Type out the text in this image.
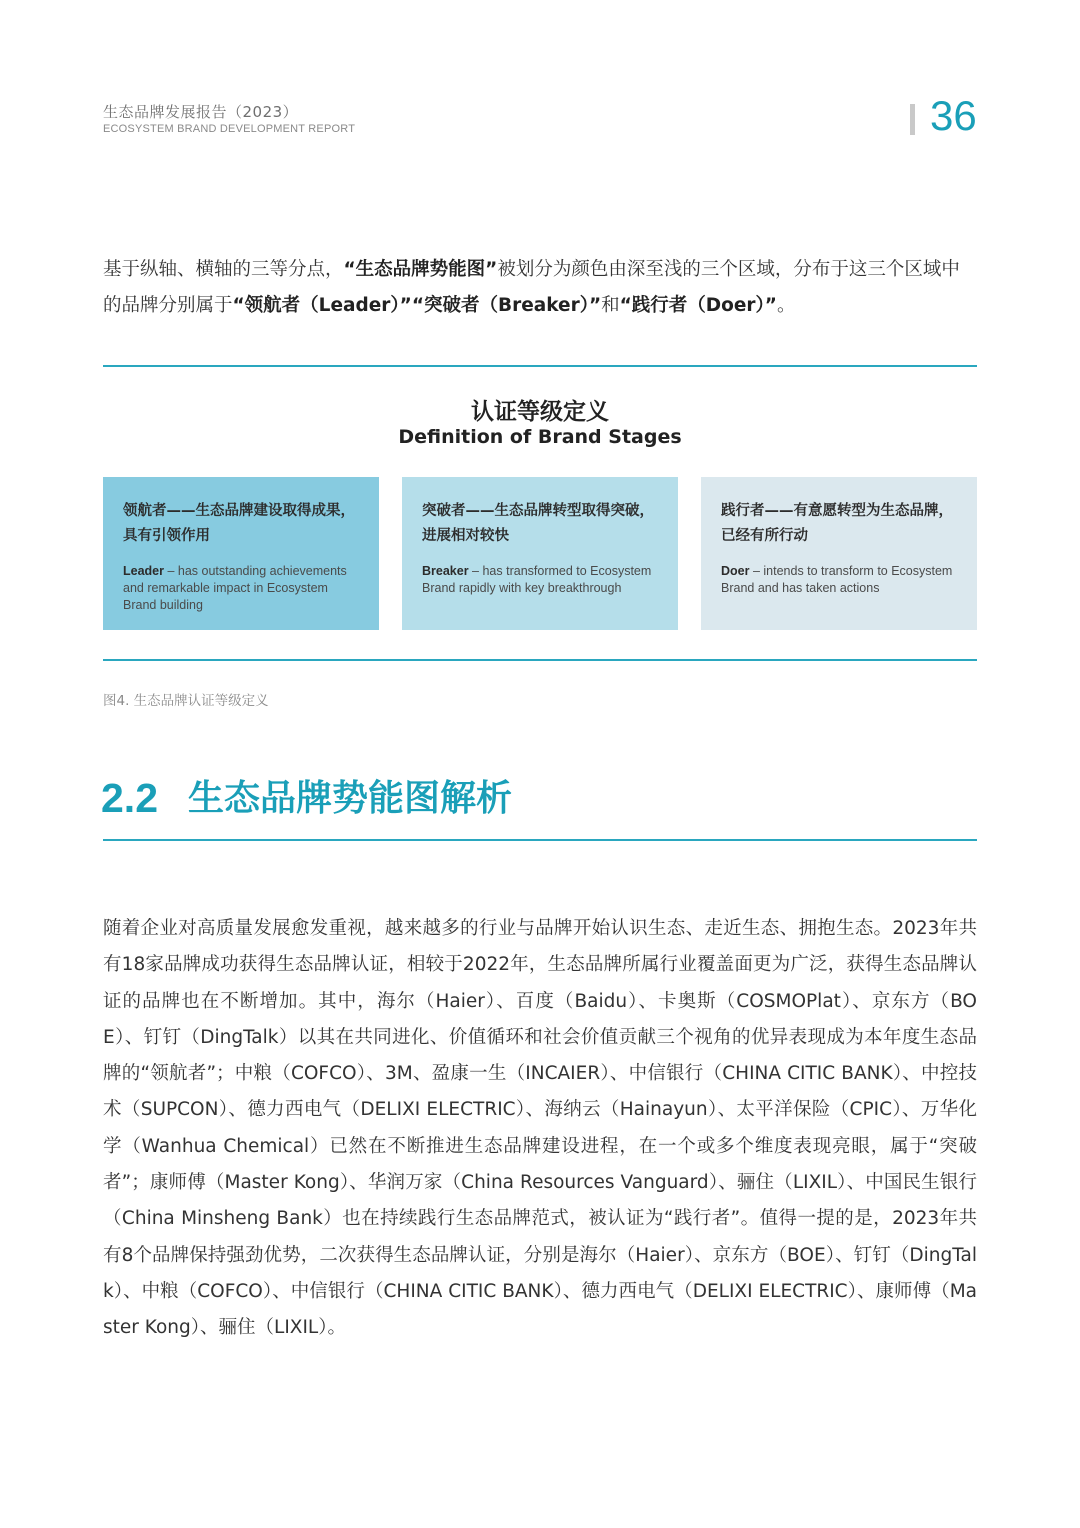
生态品牌发展报告（2023）
ECOSYSTEM BRAND DEVELOPMENT REPORT	36

基于纵轴、横轴的三等分点，“生态品牌势能图”被划分为颜色由深至浅的三个区域，分布于这三个区域中的品牌分别属于“领航者（Leader）”“突破者（Breaker）”和“践行者（Doer）”。

认证等级定义
Definition of Brand Stages
领航者——生态品牌建设取得成果，具有引领作用
Leader – has outstanding achievements and remarkable impact in Ecosystem Brand building
突破者——生态品牌转型取得突破，进展相对较快
Breaker – has transformed to Ecosystem Brand rapidly with key breakthrough
践行者——有意愿转型为生态品牌，已经有所行动
Doer – intends to transform to Ecosystem Brand and has taken actions
图4. 生态品牌认证等级定义
2.2 生态品牌势能图解析

随着企业对高质量发展愈发重视，越来越多的行业与品牌开始认识生态、走近生态、拥抱生态。2023年共有18家品牌成功获得生态品牌认证，相较于2022年，生态品牌所属行业覆盖面更为广泛，获得生态品牌认证的品牌也在不断增加。其中，海尔（Haier）、百度（Baidu）、卡奥斯（COSMOPlat）、京东方（BOE）、钉钉（DingTalk）以其在共同进化、价值循环和社会价值贡献三个视角的优异表现成为本年度生态品牌的“领航者”；中粮（COFCO）、3M、盈康一生（INCAIER）、中信银行（CHINA CITIC BANK）、中控技术（SUPCON）、德力西电气（DELIXI ELECTRIC）、海纳云（Hainayun）、太平洋保险（CPIC）、万华化学（Wanhua Chemical）已然在不断推进生态品牌建设进程，在一个或多个维度表现亮眼，属于“突破者”；康师傅（Master Kong）、华润万家（China Resources Vanguard）、骊住（LIXIL）、中国民生银行（China Minsheng Bank）也在持续践行生态品牌范式，被认证为“践行者”。值得一提的是，2023年共有8个品牌保持强劲优势，二次获得生态品牌认证，分别是海尔（Haier）、京东方（BOE）、钉钉（DingTalk）、中粮（COFCO）、中信银行（CHINA CITIC BANK）、德力西电气（DELIXI ELECTRIC）、康师傅（Master Kong）、骊住（LIXIL）。
